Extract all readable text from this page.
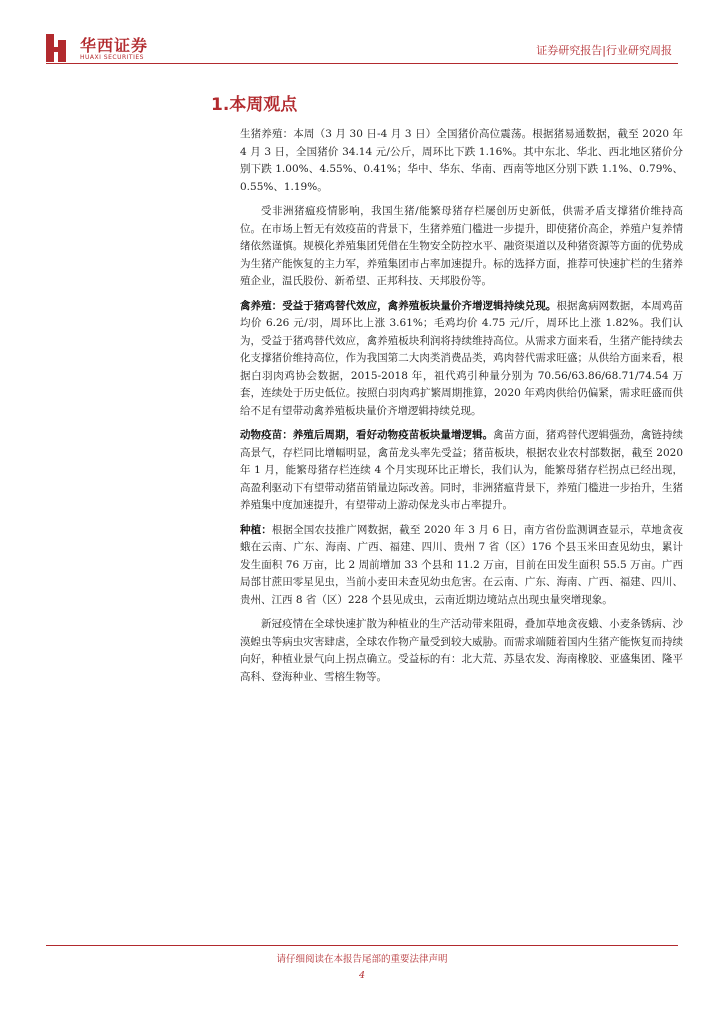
华西证券
HUAXI SECURITIES
证券研究报告|行业研究周报
1.本周观点

生猪养殖：本周（3 月 30 日-4 月 3 日）全国猪价高位震荡。根据猪易通数据，截至 2020 年 4 月 3 日，全国猪价 34.14 元/公斤，周环比下跌 1.16%。其中东北、华北、西北地区猪价分别下跌 1.00%、4.55%、0.41%；华中、华东、华南、西南等地区分别下跌 1.1%、0.79%、0.55%、1.19%。

受非洲猪瘟疫情影响，我国生猪/能繁母猪存栏屡创历史新低，供需矛盾支撑猪价维持高位。在市场上暂无有效疫苗的背景下，生猪养殖门槛进一步提升，即使猪价高企，养殖户复养情绪依然谨慎。规模化养殖集团凭借在生物安全防控水平、融资渠道以及种猪资源等方面的优势成为生猪产能恢复的主力军，养殖集团市占率加速提升。标的选择方面，推荐可快速扩栏的生猪养殖企业，温氏股份、新希望、正邦科技、天邦股份等。

禽养殖：受益于猪鸡替代效应，禽养殖板块量价齐增逻辑持续兑现。根据禽病网数据，本周鸡苗均价 6.26 元/羽，周环比上涨 3.61%；毛鸡均价 4.75 元/斤，周环比上涨 1.82%。我们认为，受益于猪鸡替代效应，禽养殖板块利润将持续维持高位。从需求方面来看，生猪产能持续去化支撑猪价维持高位，作为我国第二大肉类消费品类，鸡肉替代需求旺盛；从供给方面来看，根据白羽肉鸡协会数据，2015-2018 年，祖代鸡引种量分别为 70.56/63.86/68.71/74.54 万套，连续处于历史低位。按照白羽肉鸡扩繁周期推算，2020 年鸡肉供给仍偏紧，需求旺盛而供给不足有望带动禽养殖板块量价齐增逻辑持续兑现。

动物疫苗：养殖后周期，看好动物疫苗板块量增逻辑。禽苗方面，猪鸡替代逻辑强劲，禽链持续高景气，存栏同比增幅明显，禽苗龙头率先受益；猪苗板块，根据农业农村部数据，截至 2020 年 1 月，能繁母猪存栏连续 4 个月实现环比正增长，我们认为，能繁母猪存栏拐点已经出现，高盈利驱动下有望带动猪苗销量边际改善。同时，非洲猪瘟背景下，养殖门槛进一步抬升，生猪养殖集中度加速提升，有望带动上游动保龙头市占率提升。

种植：根据全国农技推广网数据，截至 2020 年 3 月 6 日，南方省份监测调查显示，草地贪夜蛾在云南、广东、海南、广西、福建、四川、贵州 7 省（区）176 个县玉米田查见幼虫，累计发生面积 76 万亩，比 2 周前增加 33 个县和 11.2 万亩，目前在田发生面积 55.5 万亩。广西局部甘蔗田零星见虫，当前小麦田未查见幼虫危害。在云南、广东、海南、广西、福建、四川、贵州、江西 8 省（区）228 个县见成虫，云南近期边境站点出现虫量突增现象。

新冠疫情在全球快速扩散为种植业的生产活动带来阻碍，叠加草地贪夜蛾、小麦条锈病、沙漠蝗虫等病虫灾害肆虐，全球农作物产量受到较大威胁。而需求端随着国内生猪产能恢复而持续向好，种植业景气向上拐点确立。受益标的有：北大荒、苏垦农发、海南橡胶、亚盛集团、隆平高科、登海种业、雪榕生物等。

请仔细阅读在本报告尾部的重要法律声明
4
